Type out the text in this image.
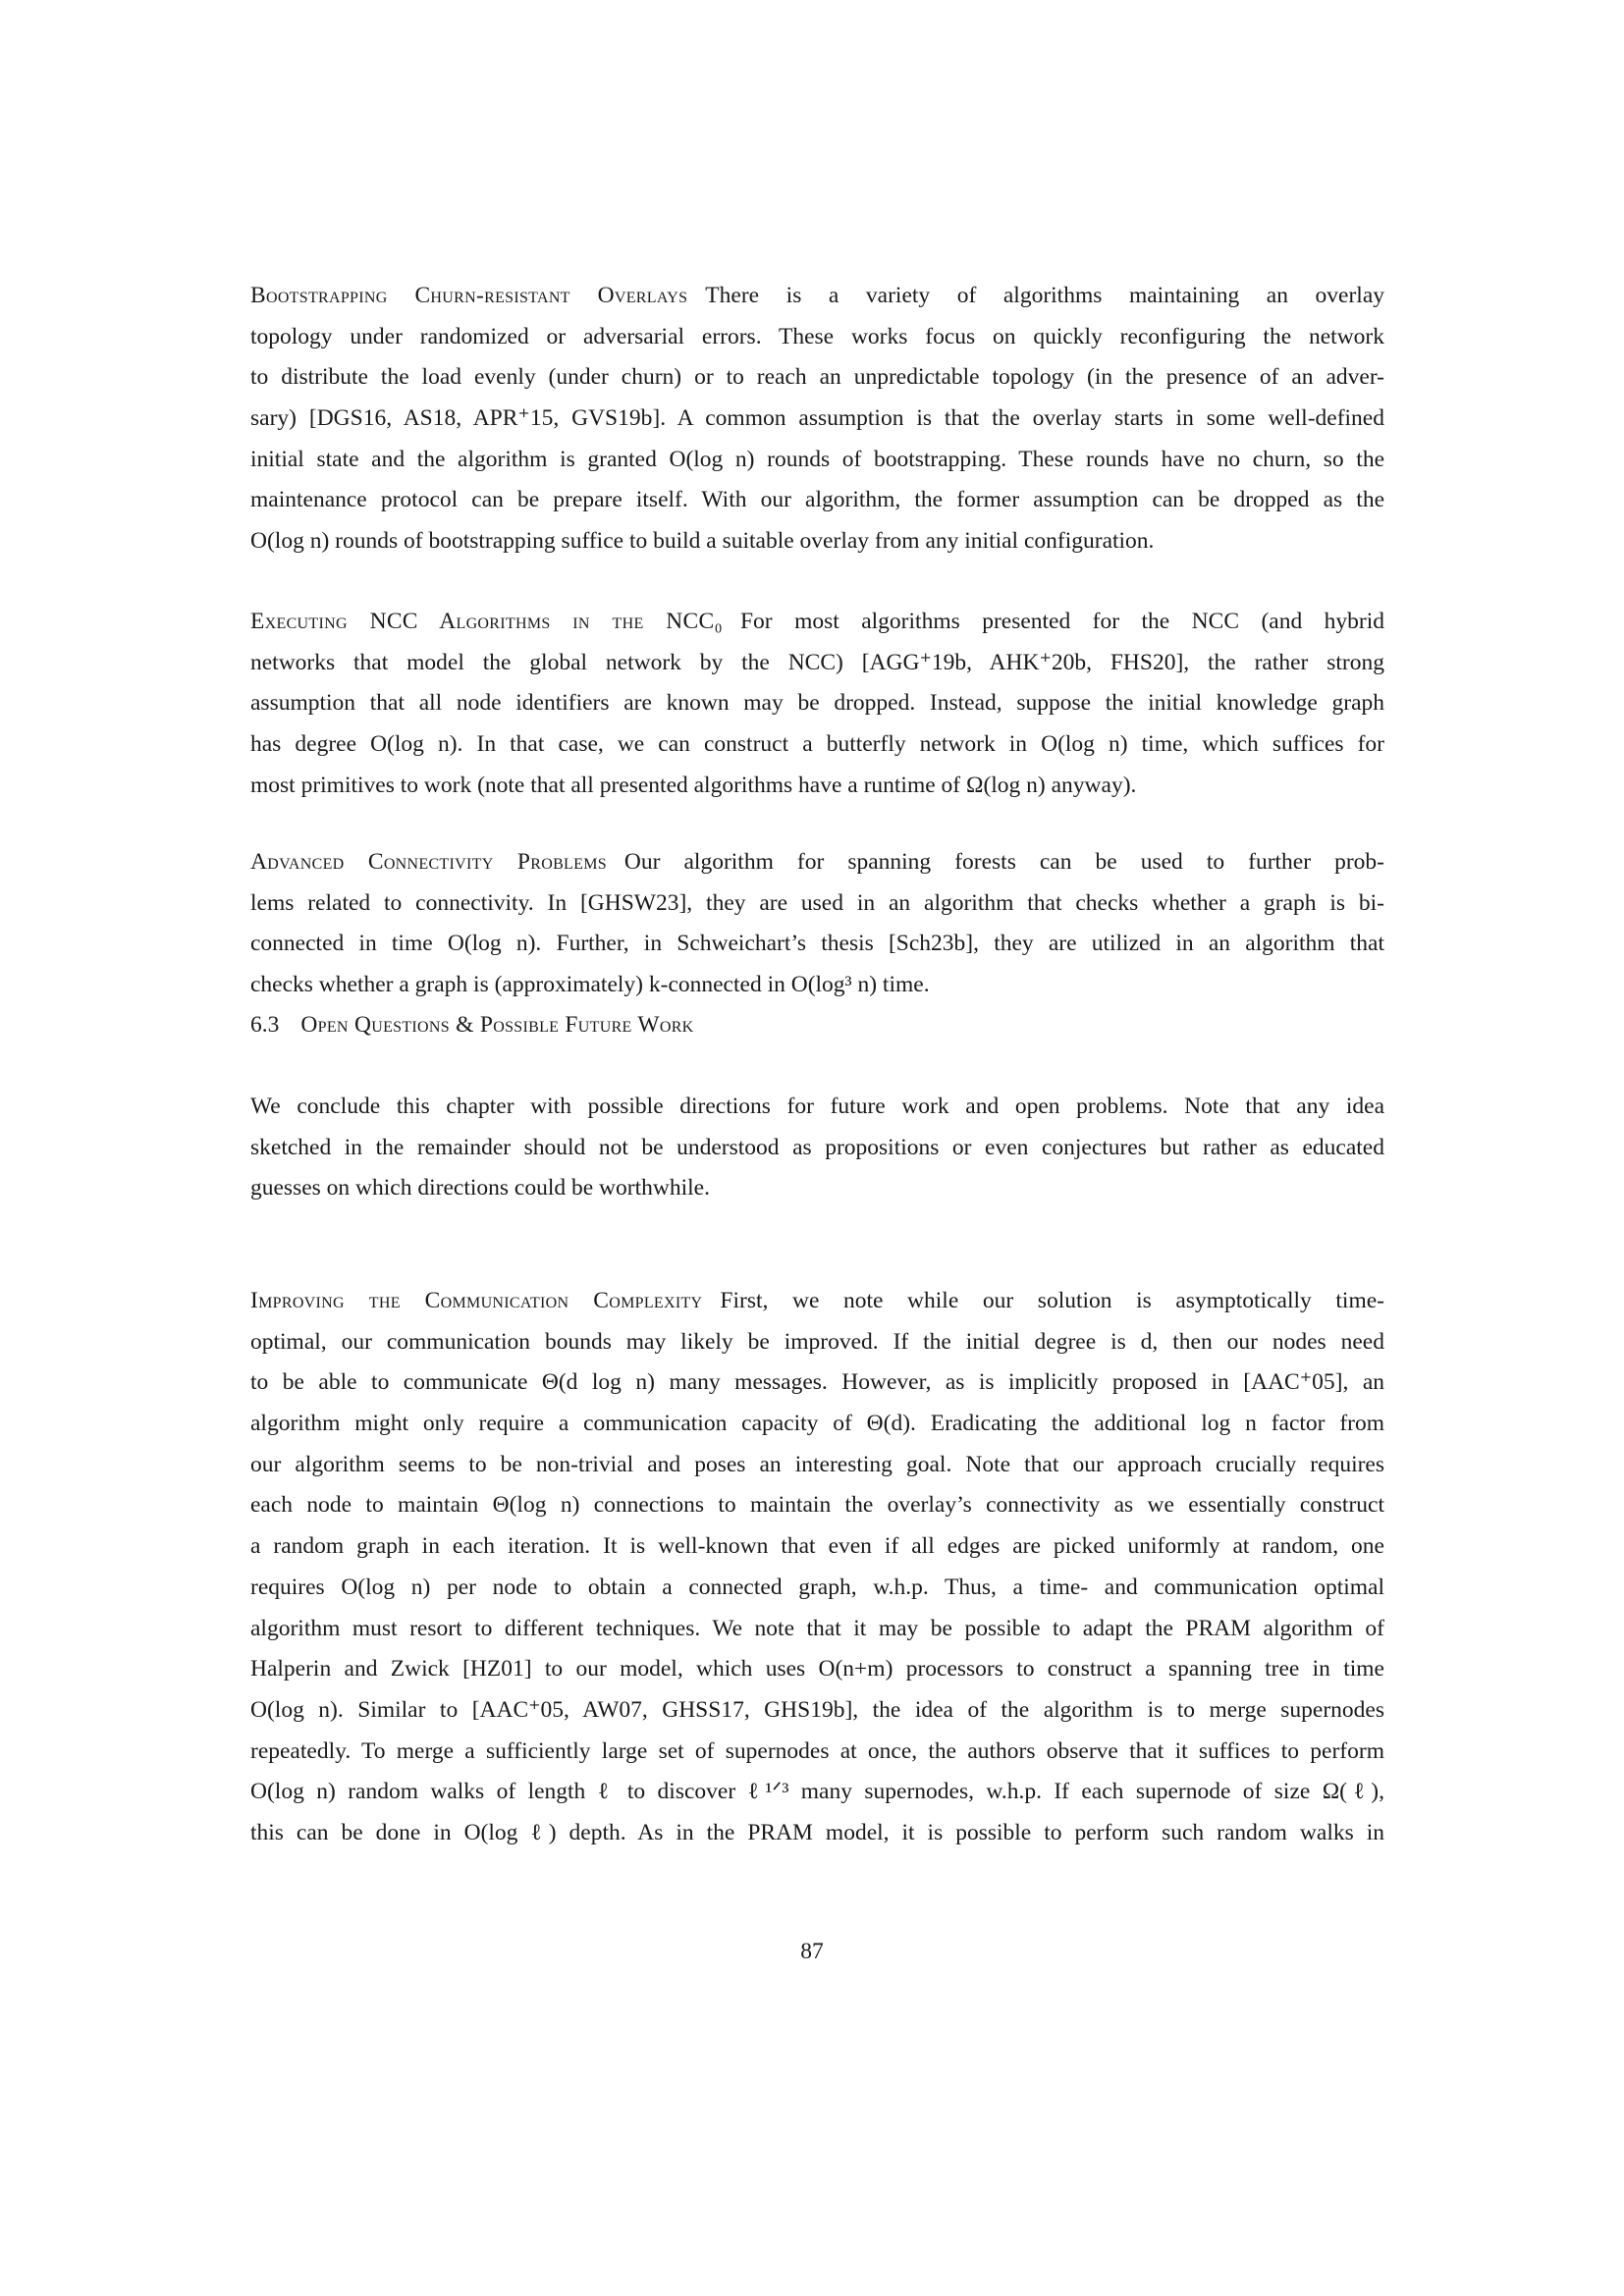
Bootstrapping Churn-resistant Overlays There is a variety of algorithms maintaining an overlay
topology under randomized or adversarial errors. These works focus on quickly reconfiguring the network
to distribute the load evenly (under churn) or to reach an unpredictable topology (in the presence of an adver-
sary) [DGS16, AS18, APR⁺15, GVS19b]. A common assumption is that the overlay starts in some well-defined
initial state and the algorithm is granted O(log n) rounds of bootstrapping. These rounds have no churn, so the
maintenance protocol can be prepare itself. With our algorithm, the former assumption can be dropped as the
O(log n) rounds of bootstrapping suffice to build a suitable overlay from any initial configuration.
Executing NCC Algorithms in the NCC₀ For most algorithms presented for the NCC (and hybrid
networks that model the global network by the NCC) [AGG⁺19b, AHK⁺20b, FHS20], the rather strong
assumption that all node identifiers are known may be dropped. Instead, suppose the initial knowledge graph
has degree O(log n). In that case, we can construct a butterfly network in O(log n) time, which suffices for
most primitives to work (note that all presented algorithms have a runtime of Ω(log n) anyway).
Advanced Connectivity Problems Our algorithm for spanning forests can be used to further prob-
lems related to connectivity. In [GHSW23], they are used in an algorithm that checks whether a graph is bi-
connected in time O(log n). Further, in Schweichart’s thesis [Sch23b], they are utilized in an algorithm that
checks whether a graph is (approximately) k-connected in O(log³ n) time.
6.3 Open Questions & Possible Future Work
We conclude this chapter with possible directions for future work and open problems. Note that any idea
sketched in the remainder should not be understood as propositions or even conjectures but rather as educated
guesses on which directions could be worthwhile.
Improving the Communication Complexity First, we note while our solution is asymptotically time-
optimal, our communication bounds may likely be improved. If the initial degree is d, then our nodes need
to be able to communicate Θ(d log n) many messages. However, as is implicitly proposed in [AAC⁺05], an
algorithm might only require a communication capacity of Θ(d). Eradicating the additional log n factor from
our algorithm seems to be non-trivial and poses an interesting goal. Note that our approach crucially requires
each node to maintain Θ(log n) connections to maintain the overlay’s connectivity as we essentially construct
a random graph in each iteration. It is well-known that even if all edges are picked uniformly at random, one
requires O(log n) per node to obtain a connected graph, w.h.p. Thus, a time- and communication optimal
algorithm must resort to different techniques. We note that it may be possible to adapt the PRAM algorithm of
Halperin and Zwick [HZ01] to our model, which uses O(n+m) processors to construct a spanning tree in time
O(log n). Similar to [AAC⁺05, AW07, GHSS17, GHS19b], the idea of the algorithm is to merge supernodes
repeatedly. To merge a sufficiently large set of supernodes at once, the authors observe that it suffices to perform
O(log n) random walks of length ℓ to discover ℓ¹ᐟ³ many supernodes, w.h.p. If each supernode of size Ω(ℓ),
this can be done in O(log ℓ) depth. As in the PRAM model, it is possible to perform such random walks in
87
